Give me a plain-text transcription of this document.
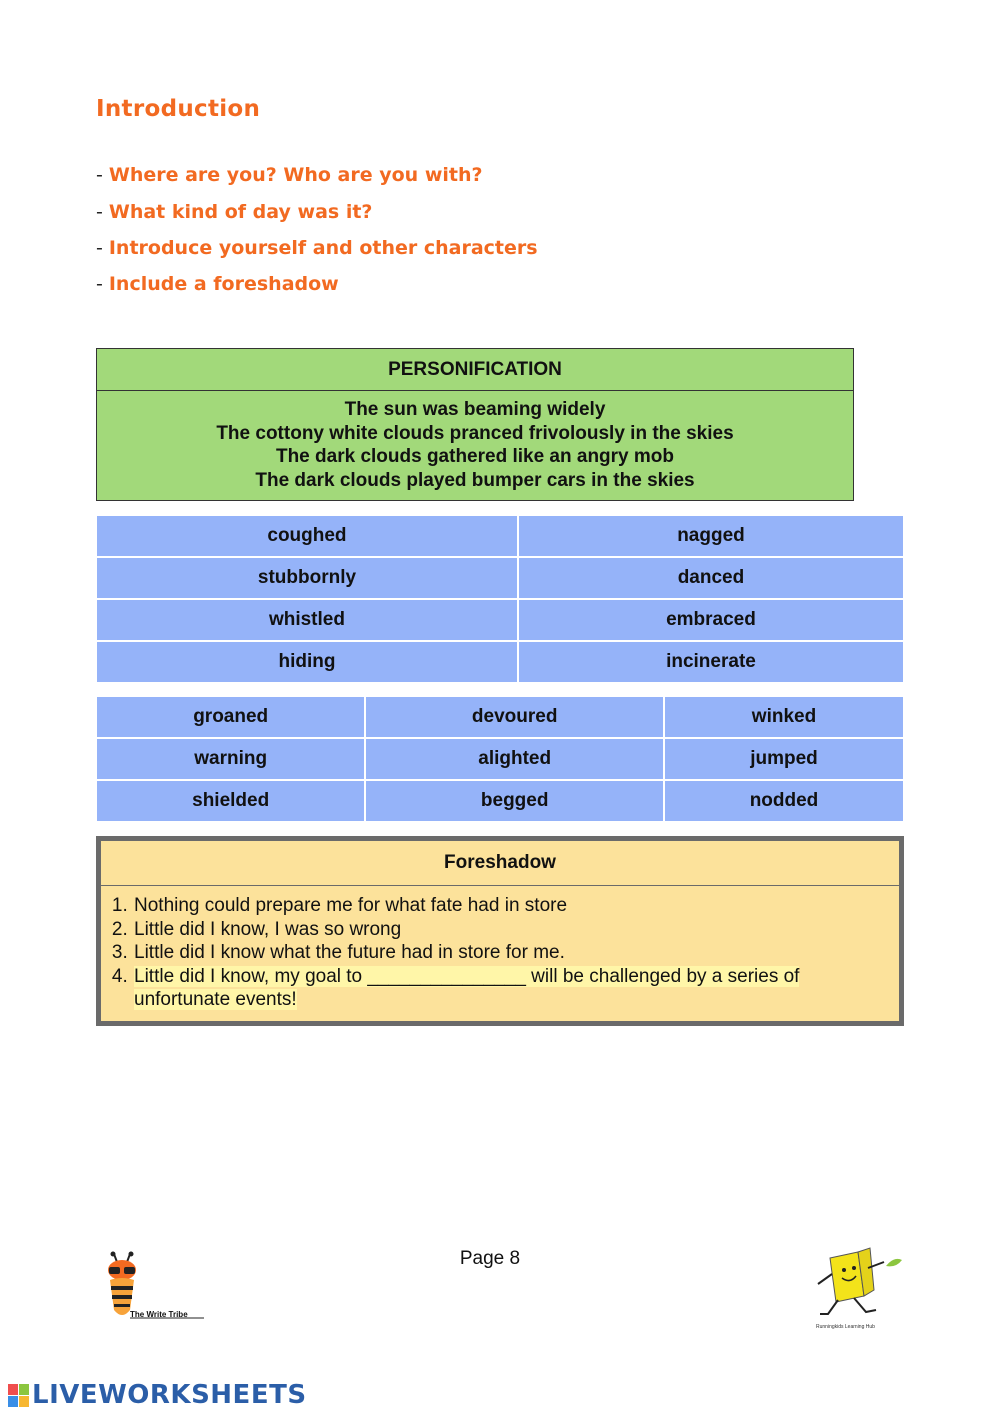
Introduction
- Where are you? Who are you with?
- What kind of day was it?
- Introduce yourself and other characters
- Include a foreshadow
PERSONIFICATION
The sun was beaming widely
The cottony white clouds pranced frivolously in the skies
The dark clouds gathered like an angry mob
The dark clouds played bumper cars in the skies
coughed	nagged
stubbornly	danced
whistled	embraced
hiding	incinerate
groaned	devoured	winked
warning	alighted	jumped
shielded	begged	nodded
Foreshadow
1. Nothing could prepare me for what fate had in store
2. Little did I know, I was so wrong
3. Little did I know what the future had in store for me.
4. Little did I know, my goal to _______________ will be challenged by a series of unfortunate events!
Page 8
The Write Tribe
Runningkids Learning Hub
LIVEWORKSHEETS
